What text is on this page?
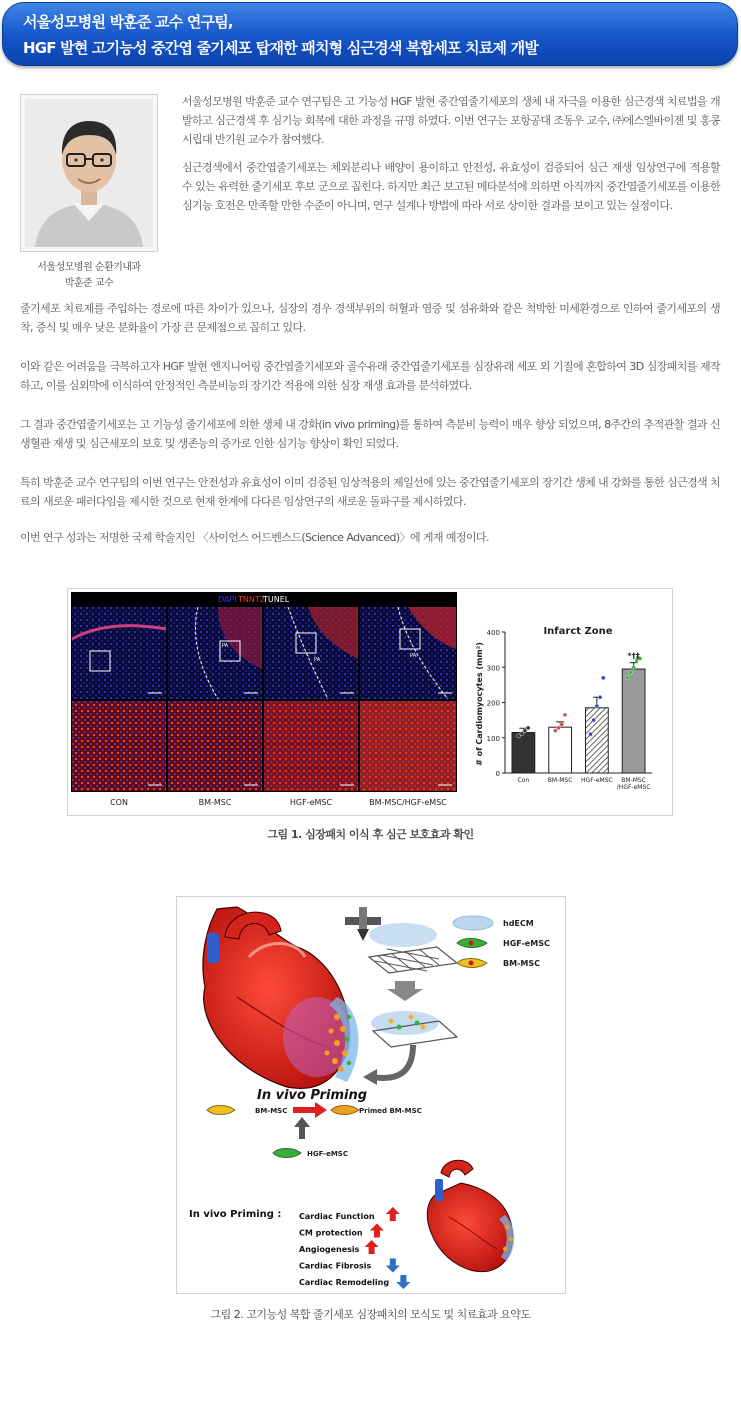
서울성모병원 박훈준 교수 연구팀,
HGF 발현 고기능성 중간엽 줄기세포 탑재한 패치형 심근경색 복합세포 치료제 개발
서울성모병원 순환기내과
박훈준 교수

서울성모병원 박훈준 교수 연구팀은 고 기능성 HGF 발현 중간엽줄기세포의 생체 내 자극을 이용한 심근경색 치료법을 개발하고 심근경색 후 심기능 회복에 대한 과정을 규명 하였다. 이번 연구는 포항공대 조동우 교수, ㈜에스엘바이젠 및 홍콩시립대 반기원 교수가 참여했다.

심근경색에서 중간엽줄기세포는 체외분리나 배양이 용이하고 안전성, 유효성이 검증되어 심근 재생 임상연구에 적용할 수 있는 유력한 줄기세포 후보 군으로 꼽힌다. 하지만 최근 보고된 메타분석에 의하면 아직까지 중간엽줄기세포를 이용한 심기능 호전은 만족할 만한 수준이 아니며, 연구 설계나 방법에 따라 서로 상이한 결과를 보이고 있는 실정이다.

줄기세포 치료제를 주입하는 경로에 따른 차이가 있으나, 심장의 경우 경색부위의 허혈과 염증 및 섬유화와 같은 척박한 미세환경으로 인하여 줄기세포의 생착, 증식 및 매우 낮은 분화율이 가장 큰 문제점으로 꼽히고 있다.

이와 같은 어려움을 극복하고자 HGF 발현 엔지니어링 중간엽줄기세포와 골수유래 중간엽줄기세포를 심장유래 세포 외 기질에 혼합하여 3D 심장패치를 제작하고, 이를 심외막에 이식하여 안정적인 측분비능의 장기간 적용에 의한 심장 재생 효과를 분석하였다.

그 결과 중간엽줄기세포는 고 기능성 줄기세포에 의한 생체 내 강화(in vivo priming)를 통하여 측분비 능력이 매우 향상 되었으며, 8주간의 추적관찰 결과 신생혈관 재생 및 심근세포의 보호 및 생존능의 증가로 인한 심기능 향상이 확인 되었다.

특히 박훈준 교수 연구팀의 이번 연구는 안전성과 유효성이 이미 검증된 임상적용의 제일선에 있는 중간엽줄기세포의 장기간 생체 내 강화를 통한 심근경색 치료의 새로운 패러다임을 제시한 것으로 현재 한계에 다다른 임상연구의 새로운 돌파구를 제시하였다.

이번 연구 성과는 저명한 국제 학술지인 〈사이언스 어드벤스드(Science Advanced)〉에 게재 예정이다.

DAPI TNNT2
TUNEL
PA
PA
PA
CON	BM-MSC	HGF-eMSC	BM-MSC/HGF-eMSC
Infarct Zone
# of Cardiomyocytes (mm²)
0
100
200
300
400
Con	BM-MSC HGF-eMSC BM-MSC
/HGF-eMSC
*†‡
그림 1. 심장패치 이식 후 심근 보호효과 확인
hdECM
HGF-eMSC
BM-MSC
In vivo Priming
BM-MSC	Primed BM-MSC
HGF-eMSC
In vivo Priming : Cardiac Function
CM protection
Angiogenesis
Cardiac Fibrosis
Cardiac Remodeling
그림 2. 고기능성 복합 줄기세포 심장패치의 모식도 및 치료효과 요약도
